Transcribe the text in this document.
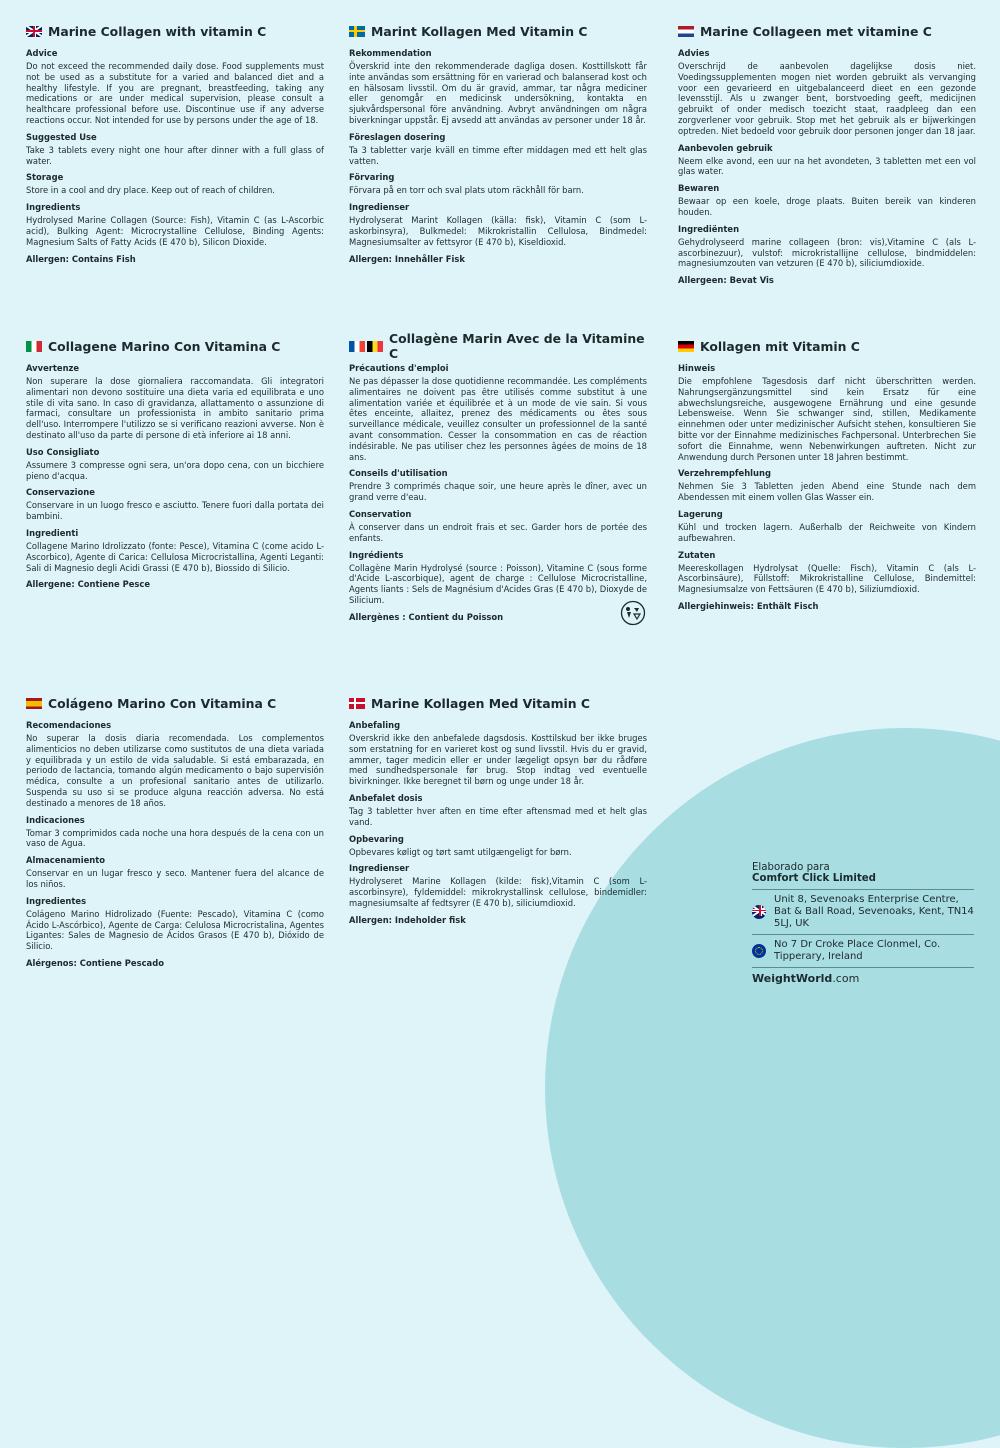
Marine Collagen with vitamin C
Advice
Do not exceed the recommended daily dose. Food supplements must not be used as a substitute for a varied and balanced diet and a healthy lifestyle. If you are pregnant, breastfeeding, taking any medications or are under medical supervision, please consult a healthcare professional before use. Discontinue use if any adverse reactions occur. Not intended for use by persons under the age of 18.
Suggested Use
Take 3 tablets every night one hour after dinner with a full glass of water.
Storage
Store in a cool and dry place. Keep out of reach of children.
Ingredients
Hydrolysed Marine Collagen (Source: Fish), Vitamin C (as L-Ascorbic acid), Bulking Agent: Microcrystalline Cellulose, Binding Agents: Magnesium Salts of Fatty Acids (E 470 b), Silicon Dioxide.
Allergen: Contains Fish
Marint Kollagen Med Vitamin C
Rekommendation
Överskrid inte den rekommenderade dagliga dosen. Kosttillskott får inte användas som ersättning för en varierad och balanserad kost och en hälsosam livsstil. Om du är gravid, ammar, tar några mediciner eller genomgår en medicinsk undersökning, kontakta en sjukvårdspersonal före användning. Avbryt användningen om några biverkningar uppstår. Ej avsedd att användas av personer under 18 år.
Föreslagen dosering
Ta 3 tabletter varje kväll en timme efter middagen med ett helt glas vatten.
Förvaring
Förvara på en torr och sval plats utom räckhåll för barn.
Ingredienser
Hydrolyserat Marint Kollagen (källa: fisk), Vitamin C (som L-askorbinsyra), Bulkmedel: Mikrokristallin Cellulosa, Bindmedel: Magnesiumsalter av fettsyror (E 470 b), Kiseldioxid.
Allergen: Innehåller Fisk
Marine Collageen met vitamine C
Advies
Overschrijd de aanbevolen dagelijkse dosis niet. Voedingssupplementen mogen niet worden gebruikt als vervanging voor een gevarieerd en uitgebalanceerd dieet en een gezonde levensstijl. Als u zwanger bent, borstvoeding geeft, medicijnen gebruikt of onder medisch toezicht staat, raadpleeg dan een zorgverlener voor gebruik. Stop met het gebruik als er bijwerkingen optreden. Niet bedoeld voor gebruik door personen jonger dan 18 jaar.
Aanbevolen gebruik
Neem elke avond, een uur na het avondeten, 3 tabletten met een vol glas water.
Bewaren
Bewaar op een koele, droge plaats. Buiten bereik van kinderen houden.
Ingrediënten
Gehydrolyseerd marine collageen (bron: vis),Vitamine C (als L-ascorbinezuur), vulstof: microkristallijne cellulose, bindmiddelen: magnesiumzouten van vetzuren (E 470 b), siliciumdioxide.
Allergeen: Bevat Vis
Collagene Marino Con Vitamina C
Avvertenze
Non superare la dose giornaliera raccomandata. Gli integratori alimentari non devono sostituire una dieta varia ed equilibrata e uno stile di vita sano. In caso di gravidanza, allattamento o assunzione di farmaci, consultare un professionista in ambito sanitario prima dell'uso. Interrompere l'utilizzo se si verificano reazioni avverse. Non è destinato all'uso da parte di persone di età inferiore ai 18 anni.
Uso Consigliato
Assumere 3 compresse ogni sera, un'ora dopo cena, con un bicchiere pieno d'acqua.
Conservazione
Conservare in un luogo fresco e asciutto. Tenere fuori dalla portata dei bambini.
Ingredienti
Collagene Marino Idrolizzato (fonte: Pesce), Vitamina C (come acido L-Ascorbico), Agente di Carica: Cellulosa Microcristallina, Agenti Leganti: Sali di Magnesio degli Acidi Grassi (E 470 b), Biossido di Silicio.
Allergene: Contiene Pesce
Collagène Marin Avec de la Vitamine C
Précautions d'emploi
Ne pas dépasser la dose quotidienne recommandée. Les compléments alimentaires ne doivent pas être utilisés comme substitut à une alimentation variée et équilibrée et à un mode de vie sain. Si vous êtes enceinte, allaitez, prenez des médicaments ou êtes sous surveillance médicale, veuillez consulter un professionnel de la santé avant consommation. Cesser la consommation en cas de réaction indésirable. Ne pas utiliser chez les personnes âgées de moins de 18 ans.
Conseils d'utilisation
Prendre 3 comprimés chaque soir, une heure après le dîner, avec un grand verre d'eau.
Conservation
À conserver dans un endroit frais et sec. Garder hors de portée des enfants.
Ingrédients
Collagène Marin Hydrolysé (source : Poisson), Vitamine C (sous forme d'Acide L-ascorbique), agent de charge : Cellulose Microcristalline, Agents liants : Sels de Magnésium d'Acides Gras (E 470 b), Dioxyde de Silicium.
Allergènes : Contient du Poisson
Kollagen mit Vitamin C
Hinweis
Die empfohlene Tagesdosis darf nicht überschritten werden. Nahrungsergänzungsmittel sind kein Ersatz für eine abwechslungsreiche, ausgewogene Ernährung und eine gesunde Lebensweise. Wenn Sie schwanger sind, stillen, Medikamente einnehmen oder unter medizinischer Aufsicht stehen, konsultieren Sie bitte vor der Einnahme medizinisches Fachpersonal. Unterbrechen Sie sofort die Einnahme, wenn Nebenwirkungen auftreten. Nicht zur Anwendung durch Personen unter 18 Jahren bestimmt.
Verzehrempfehlung
Nehmen Sie 3 Tabletten jeden Abend eine Stunde nach dem Abendessen mit einem vollen Glas Wasser ein.
Lagerung
Kühl und trocken lagern. Außerhalb der Reichweite von Kindern aufbewahren.
Zutaten
Meereskollagen Hydrolysat (Quelle: Fisch), Vitamin C (als L-Ascorbinsäure), Füllstoff: Mikrokristalline Cellulose, Bindemittel: Magnesiumsalze von Fettsäuren (E 470 b), Siliziumdioxid.
Allergiehinweis: Enthält Fisch
Colágeno Marino Con Vitamina C
Recomendaciones
No superar la dosis diaria recomendada. Los complementos alimenticios no deben utilizarse como sustitutos de una dieta variada y equilibrada y un estilo de vida saludable. Si está embarazada, en periodo de lactancia, tomando algún medicamento o bajo supervisión médica, consulte a un profesional sanitario antes de utilizarlo. Suspenda su uso si se produce alguna reacción adversa. No está destinado a menores de 18 años.
Indicaciones
Tomar 3 comprimidos cada noche una hora después de la cena con un vaso de Agua.
Almacenamiento
Conservar en un lugar fresco y seco. Mantener fuera del alcance de los niños.
Ingredientes
Colágeno Marino Hidrolizado (Fuente: Pescado), Vitamina C (como Ácido L-Ascórbico), Agente de Carga: Celulosa Microcristalina, Agentes Ligantes: Sales de Magnesio de Ácidos Grasos (E 470 b), Dióxido de Silicio.
Alérgenos: Contiene Pescado
Marine Kollagen Med Vitamin C
Anbefaling
Overskrid ikke den anbefalede dagsdosis. Kosttilskud ber ikke bruges som erstatning for en varieret kost og sund livsstil. Hvis du er gravid, ammer, tager medicin eller er under lægeligt opsyn bør du rådføre med sundhedspersonale før brug. Stop indtag ved eventuelle bivirkninger. Ikke beregnet til børn og unge under 18 år.
Anbefalet dosis
Tag 3 tabletter hver aften en time efter aftensmad med et helt glas vand.
Opbevaring
Opbevares køligt og tørt samt utilgængeligt for børn.
Ingredienser
Hydrolyseret Marine Kollagen (kilde: fisk),Vitamin C (som L-ascorbinsyre), fyldemiddel: mikrokrystallinsk cellulose, bindemidler: magnesiumsalte af fedtsyrer (E 470 b), siliciumdioxid.
Allergen: Indeholder fisk
Elaborado para
Comfort Click Limited
Unit 8, Sevenoaks Enterprise Centre, Bat & Ball Road, Sevenoaks, Kent, TN14 5LJ, UK
No 7 Dr Croke Place Clonmel, Co. Tipperary, Ireland
WeightWorld.com
